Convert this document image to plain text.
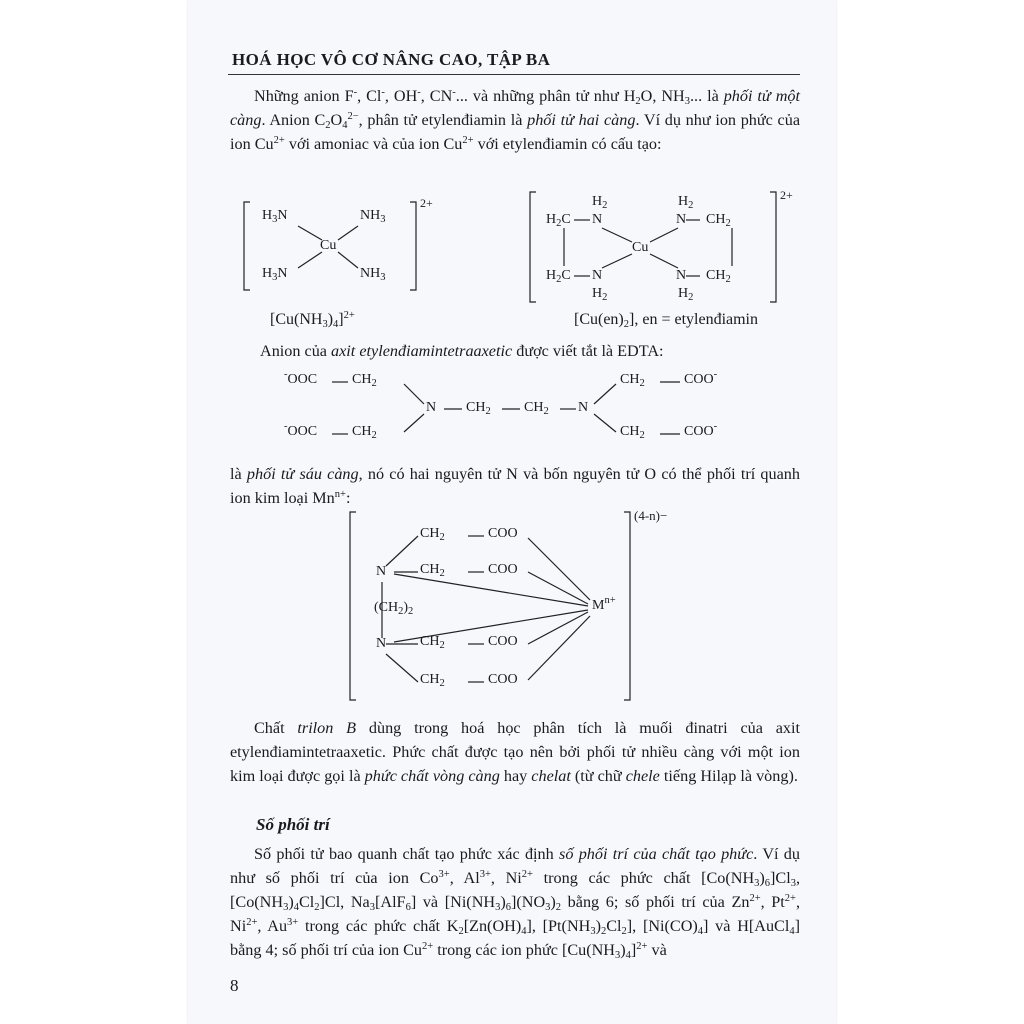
HOÁ HỌC VÔ CƠ NÂNG CAO, TẬP BA
Những anion F-, Cl-, OH-, CN-... và những phân tử như $H_2O$, $NH_3$... là phối tử một càng. Anion $C_2O_4^{2-}$, phân tử etylenđiamin là phối tử hai càng. Ví dụ như ion phức của ion $Cu^{2+}$ với amoniac và của ion $Cu^{2+}$ với etylenđiamin có cấu tạo:
$H_3N$	$NH_3$
Cu
$H_3N$	$NH_3$
2+	$H_2$	$H_2$
$H_2C$ N	N $CH_2$
Cu
$H_2C$ N	N $CH_2$
$H_2$	$H_2$
2+
$[Cu(NH_3)_4]^{2+}$	$[Cu(en)_2]$, en = etylenđiamin
Anion của axit etylenđiamintetraaxetic được viết tắt là EDTA:
-OOC $CH_2$
-OOC $CH_2$
N $CH_2$ $CH_2$ N
$CH_2$	COO-
$CH_2$	COO-
là phối tử sáu càng, nó có hai nguyên tử N và bốn nguyên tử O có thể phối trí quanh ion kim loại $Mn^{n+}$:
$CH_2$	COO
N $CH_2$	COO
$(CH_2)_2$	$M^{n+}$
N $CH_2$	COO
$CH_2$	COO
(4-n)−
Chất trilon B dùng trong hoá học phân tích là muối đinatri của axit etylenđiamintetraaxetic. Phức chất được tạo nên bởi phối tử nhiều càng với một ion kim loại được gọi là phức chất vòng càng hay chelat (từ chữ chele tiếng Hilạp là vòng).
Số phối trí
Số phối tử bao quanh chất tạo phức xác định số phối trí của chất tạo phức. Ví dụ như số phối trí của ion $Co^{3+}$, $Al^{3+}$, $Ni^{2+}$ trong các phức chất $[Co(NH_3)_6]Cl_3$, $[Co(NH_3)_4Cl_2]Cl$, $Na_3[AlF_6]$ và $[Ni(NH_3)_6](NO_3)_2$ bằng 6; số phối trí của $Zn^{2+}$, $Pt^{2+}$, $Ni^{2+}$, $Au^{3+}$ trong các phức chất $K_2[Zn(OH)_4]$, $[Pt(NH_3)_2Cl_2]$, $[Ni(CO)_4]$ và H[AuCl$_4$] bằng 4; số phối trí của ion $Cu^{2+}$ trong các ion phức $[Cu(NH_3)_4]^{2+}$ và
8
